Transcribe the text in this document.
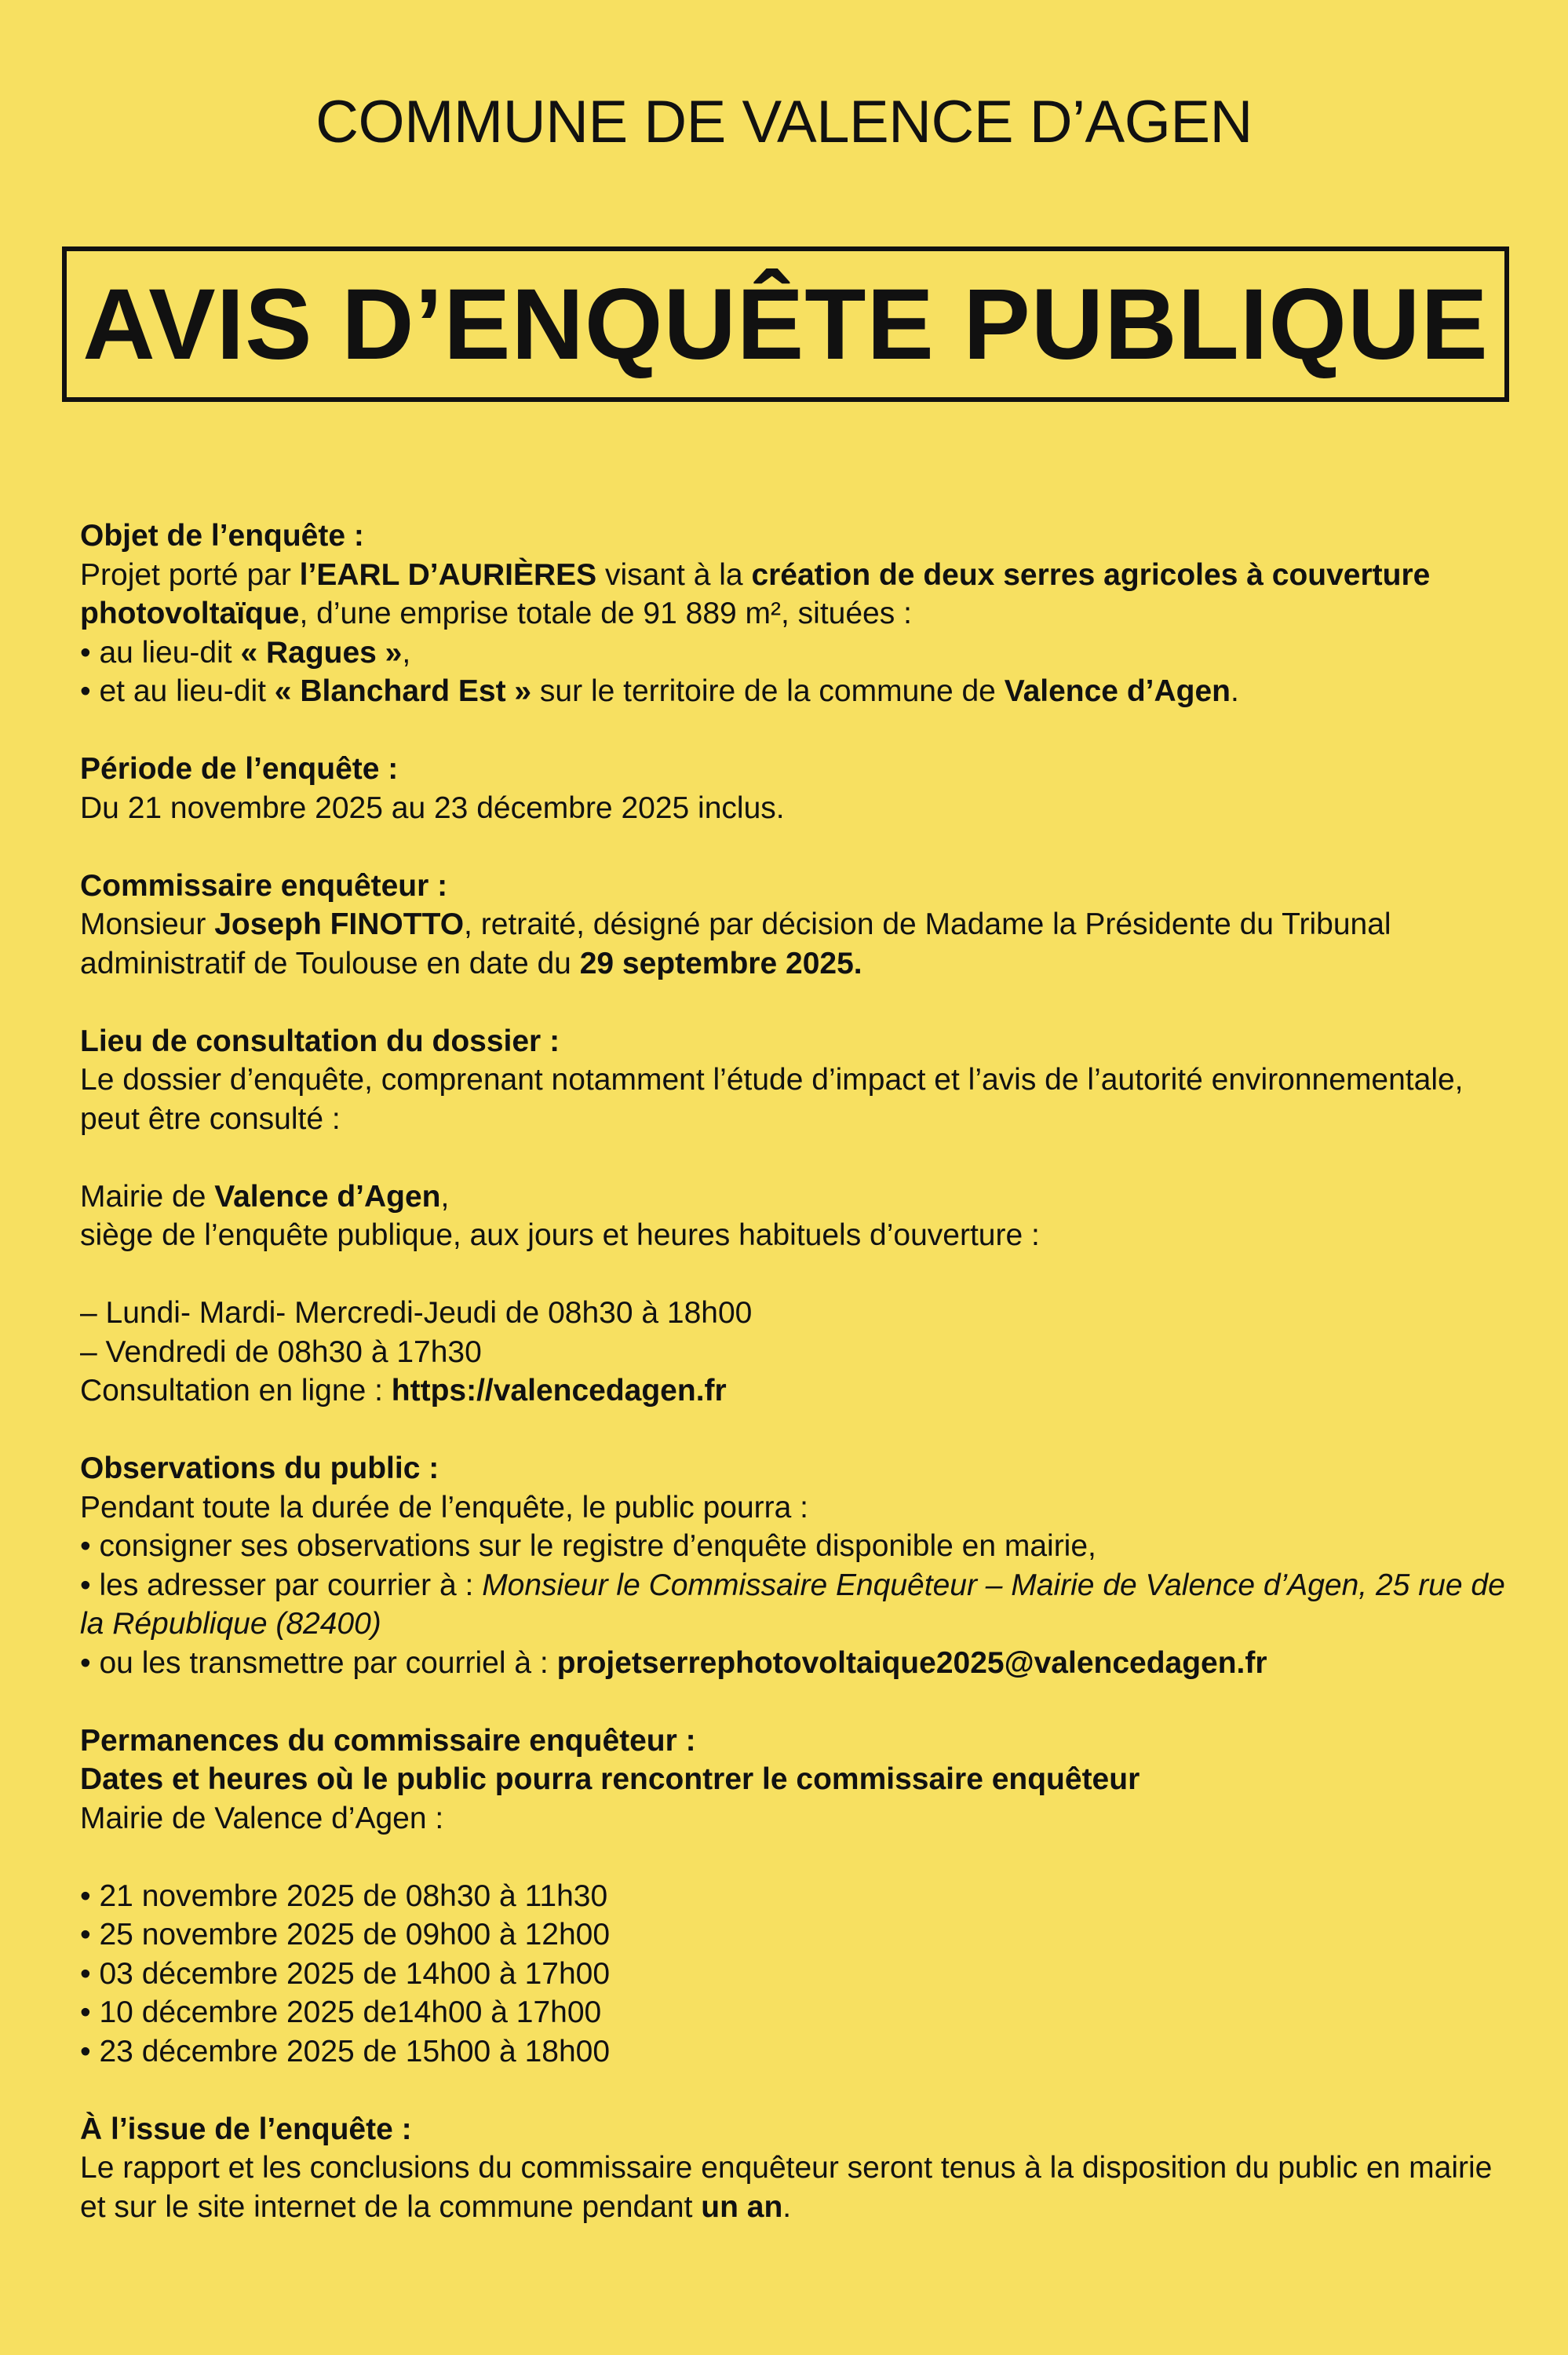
COMMUNE DE VALENCE D’AGEN
AVIS D’ENQUÊTE PUBLIQUE

Objet de l’enquête :

Projet porté par l’EARL D’AURIÈRES visant à la création de deux serres agricoles à couverture photovoltaïque, d’une emprise totale de 91 889 m², situées :

• au lieu-dit « Ragues »,

• et au lieu-dit « Blanchard Est » sur le territoire de la commune de Valence d’Agen.

Période de l’enquête :

Du 21 novembre 2025 au 23 décembre 2025 inclus.

Commissaire enquêteur :

Monsieur Joseph FINOTTO, retraité, désigné par décision de Madame la Présidente du Tribunal administratif de Toulouse en date du 29 septembre 2025.

Lieu de consultation du dossier :

Le dossier d’enquête, comprenant notamment l’étude d’impact et l’avis de l’autorité environnementale, peut être consulté :

Mairie de Valence d’Agen,

siège de l’enquête publique, aux jours et heures habituels d’ouverture :

– Lundi- Mardi- Mercredi-Jeudi de 08h30 à 18h00

– Vendredi de 08h30 à 17h30

Consultation en ligne : https://valencedagen.fr

Observations du public :

Pendant toute la durée de l’enquête, le public pourra :

• consigner ses observations sur le registre d’enquête disponible en mairie,

• les adresser par courrier à : Monsieur le Commissaire Enquêteur – Mairie de Valence d’Agen, 25 rue de la République (82400)

• ou les transmettre par courriel à : projetserrephotovoltaique2025@valencedagen.fr

Permanences du commissaire enquêteur :

Dates et heures où le public pourra rencontrer le commissaire enquêteur

Mairie de Valence d’Agen :

• 21 novembre 2025 de 08h30 à 11h30

• 25 novembre 2025 de 09h00 à 12h00

• 03 décembre 2025 de 14h00 à 17h00

• 10 décembre 2025 de14h00 à 17h00

• 23 décembre 2025 de 15h00 à 18h00

À l’issue de l’enquête :

Le rapport et les conclusions du commissaire enquêteur seront tenus à la disposition du public en mairie et sur le site internet de la commune pendant un an.
